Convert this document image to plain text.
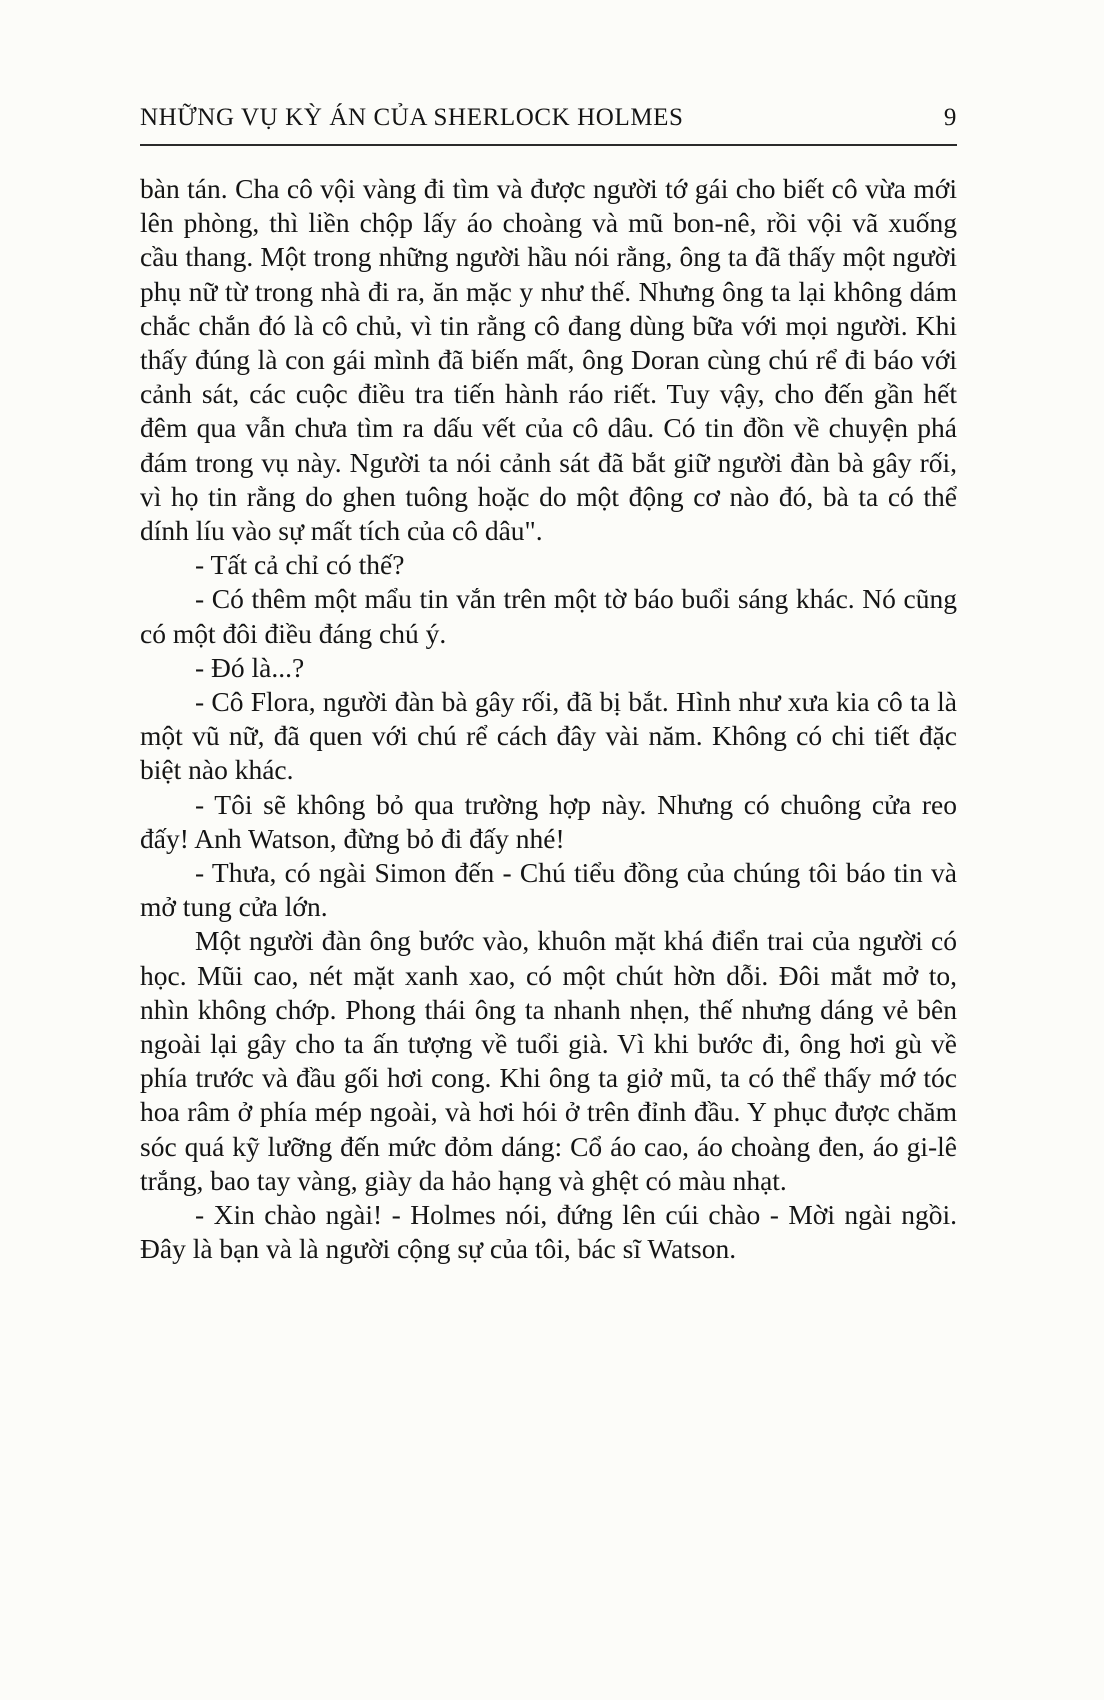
NHỮNG VỤ KỲ ÁN CỦA SHERLOCK HOLMES	9

bàn tán. Cha cô vội vàng đi tìm và được người tớ gái cho biết cô vừa mới lên phòng, thì liền chộp lấy áo choàng và mũ bon-nê, rồi vội vã xuống cầu thang. Một trong những người hầu nói rằng, ông ta đã thấy một người phụ nữ từ trong nhà đi ra, ăn mặc y như thế. Nhưng ông ta lại không dám chắc chắn đó là cô chủ, vì tin rằng cô đang dùng bữa với mọi người. Khi thấy đúng là con gái mình đã biến mất, ông Doran cùng chú rể đi báo với cảnh sát, các cuộc điều tra tiến hành ráo riết. Tuy vậy, cho đến gần hết đêm qua vẫn chưa tìm ra dấu vết của cô dâu. Có tin đồn về chuyện phá đám trong vụ này. Người ta nói cảnh sát đã bắt giữ người đàn bà gây rối, vì họ tin rằng do ghen tuông hoặc do một động cơ nào đó, bà ta có thể dính líu vào sự mất tích của cô dâu".

- Tất cả chỉ có thế?

- Có thêm một mẩu tin vắn trên một tờ báo buổi sáng khác. Nó cũng có một đôi điều đáng chú ý.

- Đó là...?

- Cô Flora, người đàn bà gây rối, đã bị bắt. Hình như xưa kia cô ta là một vũ nữ, đã quen với chú rể cách đây vài năm. Không có chi tiết đặc biệt nào khác.

- Tôi sẽ không bỏ qua trường hợp này. Nhưng có chuông cửa reo đấy! Anh Watson, đừng bỏ đi đấy nhé!

- Thưa, có ngài Simon đến - Chú tiểu đồng của chúng tôi báo tin và mở tung cửa lớn.

Một người đàn ông bước vào, khuôn mặt khá điển trai của người có học. Mũi cao, nét mặt xanh xao, có một chút hờn dỗi. Đôi mắt mở to, nhìn không chớp. Phong thái ông ta nhanh nhẹn, thế nhưng dáng vẻ bên ngoài lại gây cho ta ấn tượng về tuổi già. Vì khi bước đi, ông hơi gù về phía trước và đầu gối hơi cong. Khi ông ta giở mũ, ta có thể thấy mớ tóc hoa râm ở phía mép ngoài, và hơi hói ở trên đỉnh đầu. Y phục được chăm sóc quá kỹ lưỡng đến mức đỏm dáng: Cổ áo cao, áo choàng đen, áo gi-lê trắng, bao tay vàng, giày da hảo hạng và ghệt có màu nhạt.

- Xin chào ngài! - Holmes nói, đứng lên cúi chào - Mời ngài ngồi. Đây là bạn và là người cộng sự của tôi, bác sĩ Watson.
